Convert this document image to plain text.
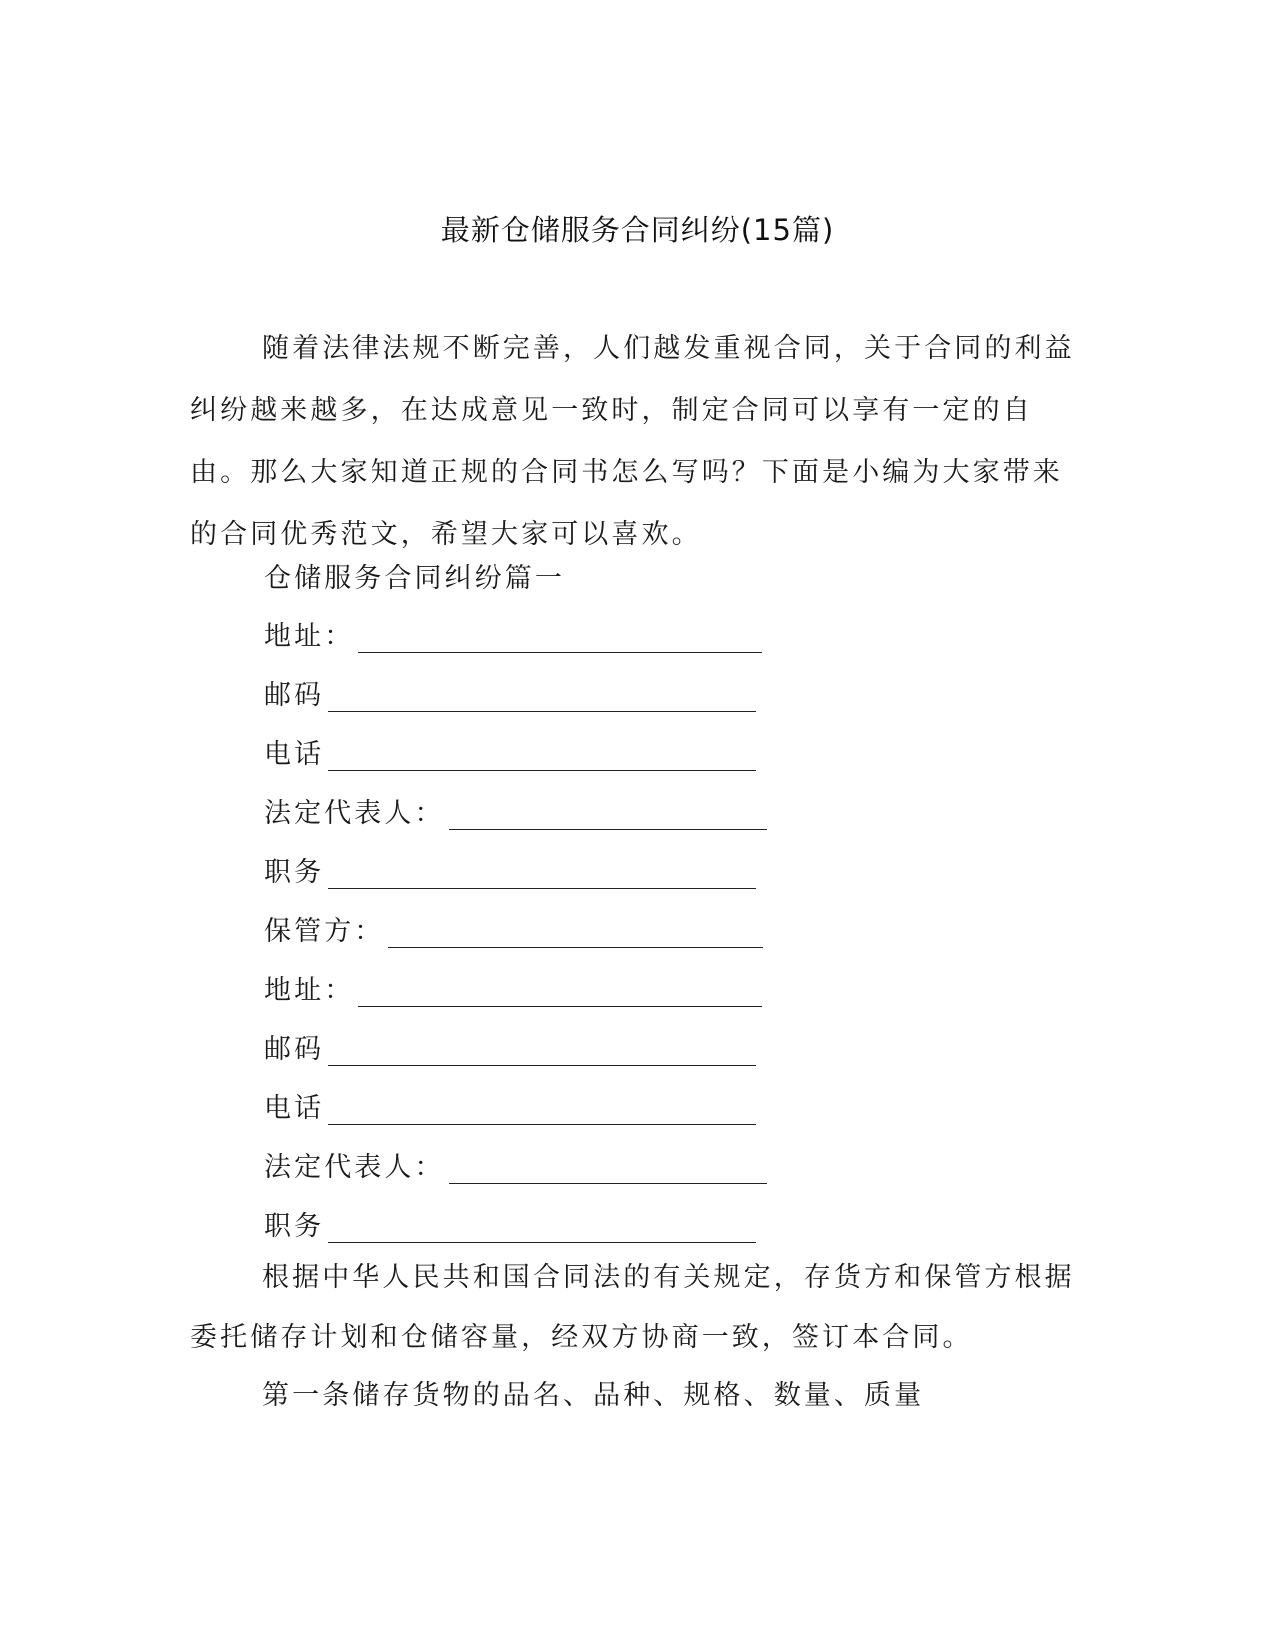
最新仓储服务合同纠纷(15篇)

随着法律法规不断完善，人们越发重视合同，关于合同的利益纠纷越来越多，在达成意见一致时，制定合同可以享有一定的自由。那么大家知道正规的合同书怎么写吗？下面是小编为大家带来的合同优秀范文，希望大家可以喜欢。

仓储服务合同纠纷篇一
地址：
邮码
电话
法定代表人：
职务
保管方：
地址：
邮码
电话
法定代表人：
职务

根据中华人民共和国合同法的有关规定，存货方和保管方根据委托储存计划和仓储容量，经双方协商一致，签订本合同。

第一条储存货物的品名、品种、规格、数量、质量
